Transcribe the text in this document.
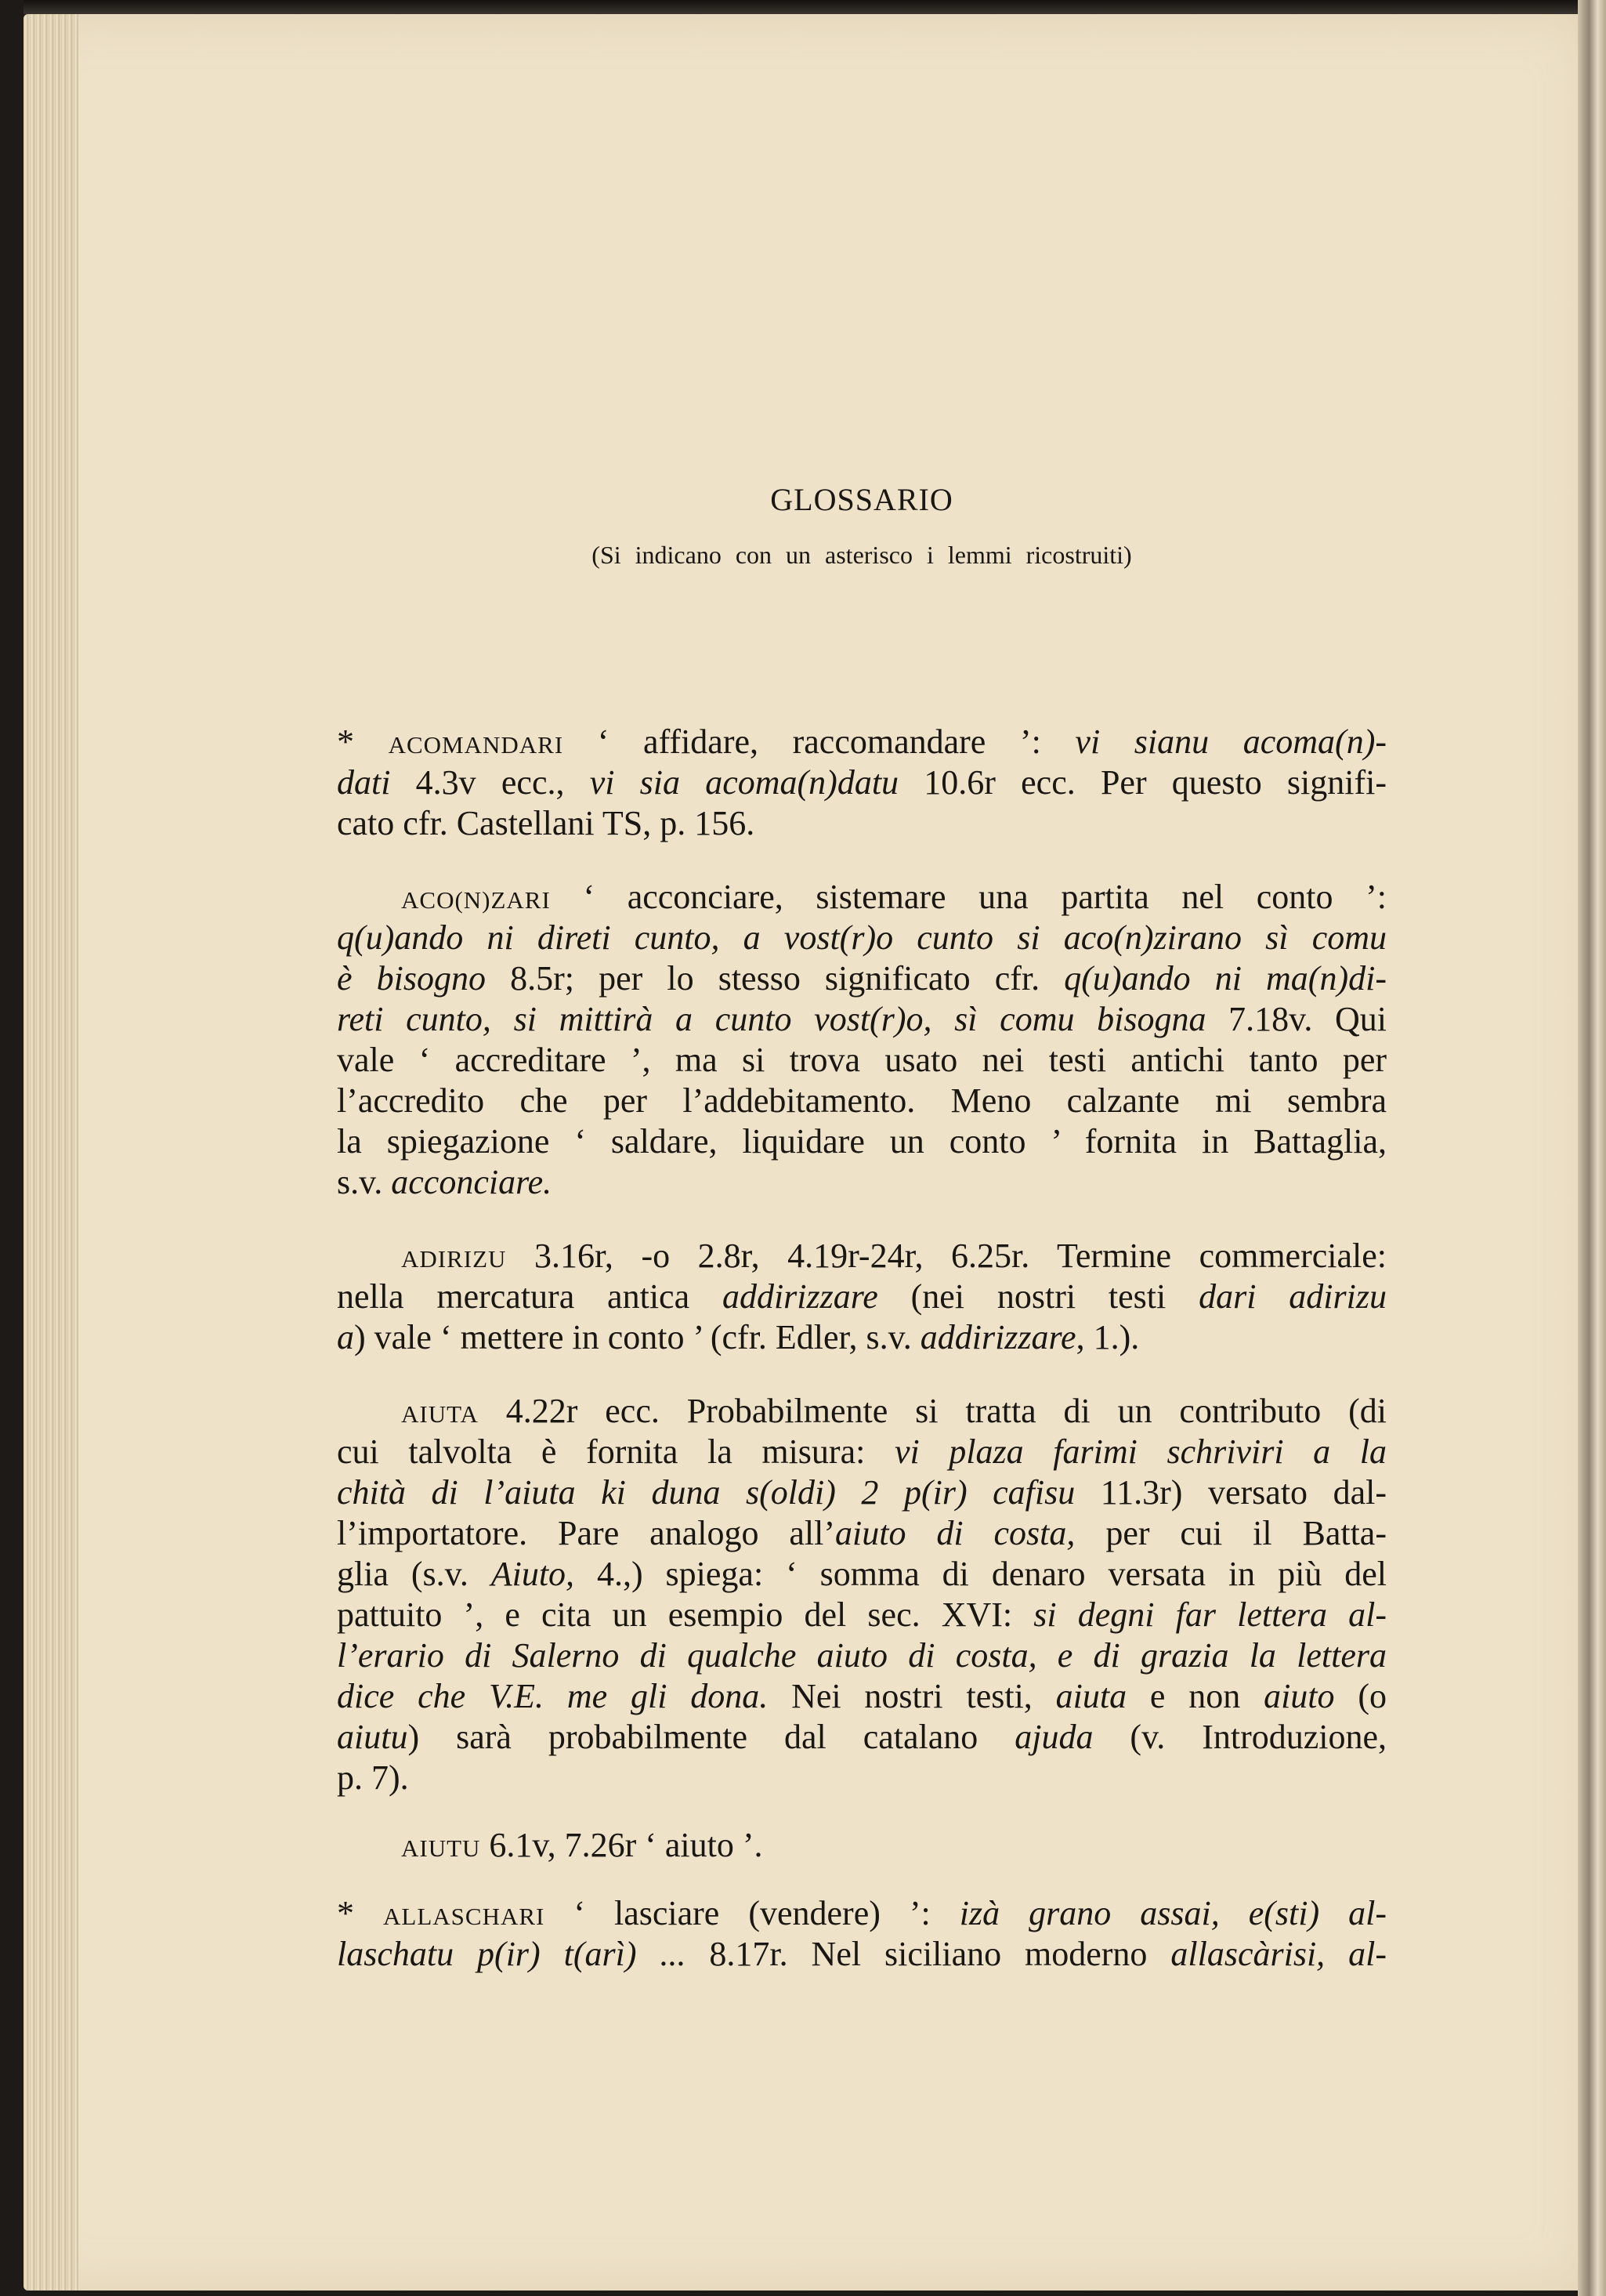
GLOSSARIO
(Si indicano con un asterisco i lemmi ricostruiti)
* ACOMANDARI ‘ affidare, raccomandare ’: vi sianu acoma(n)-
dati 4.3v ecc., vi sia acoma(n)datu 10.6r ecc. Per questo signifi-
cato cfr. Castellani TS, p. 156.
ACO(N)ZARI ‘ acconciare, sistemare una partita nel conto ’:
q(u)ando ni direti cunto, a vost(r)o cunto si aco(n)zirano sì comu
è bisogno 8.5r; per lo stesso significato cfr. q(u)ando ni ma(n)di-
reti cunto, si mittirà a cunto vost(r)o, sì comu bisogna 7.18v. Qui
vale ‘ accreditare ’, ma si trova usato nei testi antichi tanto per
l’accredito che per l’addebitamento. Meno calzante mi sembra
la spiegazione ‘ saldare, liquidare un conto ’ fornita in Battaglia,
s.v. acconciare.
ADIRIZU 3.16r, -o 2.8r, 4.19r-24r, 6.25r. Termine commerciale:
nella mercatura antica addirizzare (nei nostri testi dari adirizu
a) vale ‘ mettere in conto ’ (cfr. Edler, s.v. addirizzare, 1.).
AIUTA 4.22r ecc. Probabilmente si tratta di un contributo (di
cui talvolta è fornita la misura: vi plaza farimi schriviri a la
chità di l’aiuta ki duna s(oldi) 2 p(ir) cafisu 11.3r) versato dal-
l’importatore. Pare analogo all’aiuto di costa, per cui il Batta-
glia (s.v. Aiuto, 4.,) spiega: ‘ somma di denaro versata in più del
pattuito ’, e cita un esempio del sec. XVI: si degni far lettera al-
l’erario di Salerno di qualche aiuto di costa, e di grazia la lettera
dice che V.E. me gli dona. Nei nostri testi, aiuta e non aiuto (o
aiutu) sarà probabilmente dal catalano ajuda (v. Introduzione,
p. 7).
AIUTU 6.1v, 7.26r ‘ aiuto ’.
* ALLASCHARI ‘ lasciare (vendere) ’: izà grano assai, e(sti) al-
laschatu p(ir) t(arì) ... 8.17r. Nel siciliano moderno allascàrisi, al-
